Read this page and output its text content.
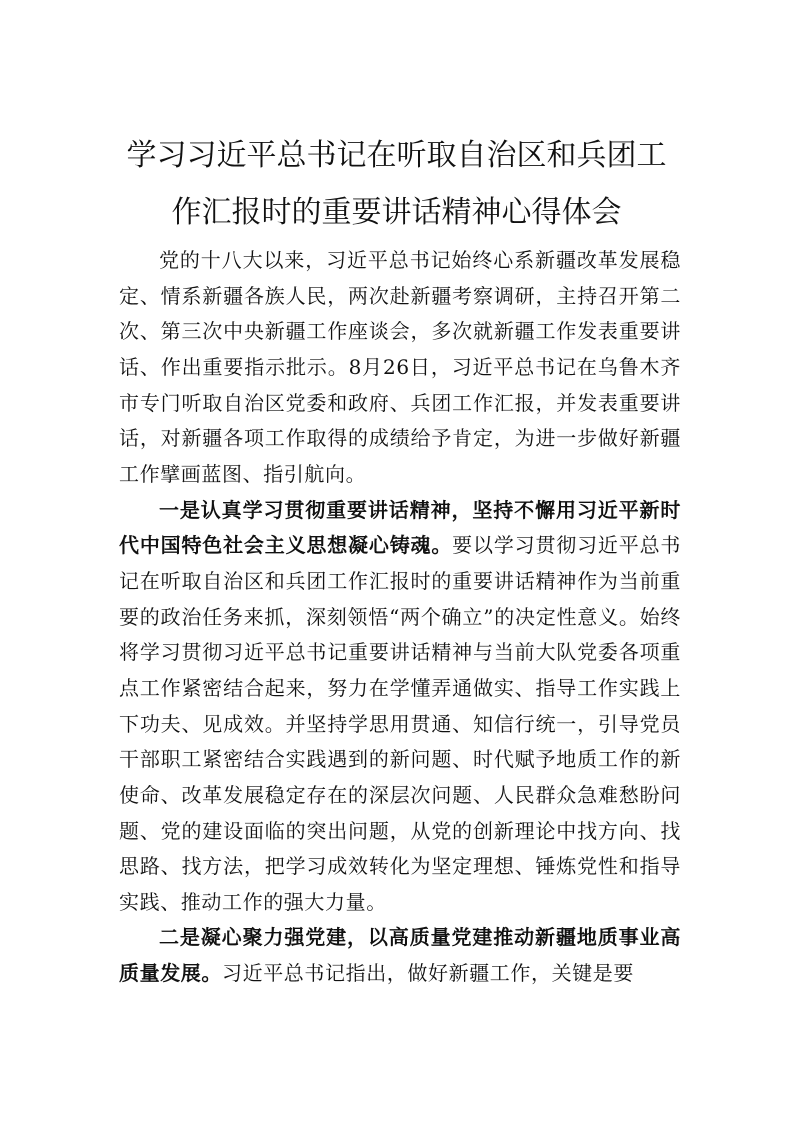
学习习近平总书记在听取自治区和兵团工
作汇报时的重要讲话精神心得体会

党的十八大以来，习近平总书记始终心系新疆改革发展稳定、情系新疆各族人民，两次赴新疆考察调研，主持召开第二次、第三次中央新疆工作座谈会，多次就新疆工作发表重要讲话、作出重要指示批示。8月26日，习近平总书记在乌鲁木齐市专门听取自治区党委和政府、兵团工作汇报，并发表重要讲话，对新疆各项工作取得的成绩给予肯定，为进一步做好新疆工作擘画蓝图、指引航向。

一是认真学习贯彻重要讲话精神，坚持不懈用习近平新时代中国特色社会主义思想凝心铸魂。要以学习贯彻习近平总书记在听取自治区和兵团工作汇报时的重要讲话精神作为当前重要的政治任务来抓，深刻领悟“两个确立”的决定性意义。始终将学习贯彻习近平总书记重要讲话精神与当前大队党委各项重点工作紧密结合起来，努力在学懂弄通做实、指导工作实践上下功夫、见成效。并坚持学思用贯通、知信行统一，引导党员干部职工紧密结合实践遇到的新问题、时代赋予地质工作的新使命、改革发展稳定存在的深层次问题、人民群众急难愁盼问题、党的建设面临的突出问题，从党的创新理论中找方向、找思路、找方法，把学习成效转化为坚定理想、锤炼党性和指导实践、推动工作的强大力量。

二是凝心聚力强党建，以高质量党建推动新疆地质事业高质量发展。习近平总书记指出，做好新疆工作，关键是要
